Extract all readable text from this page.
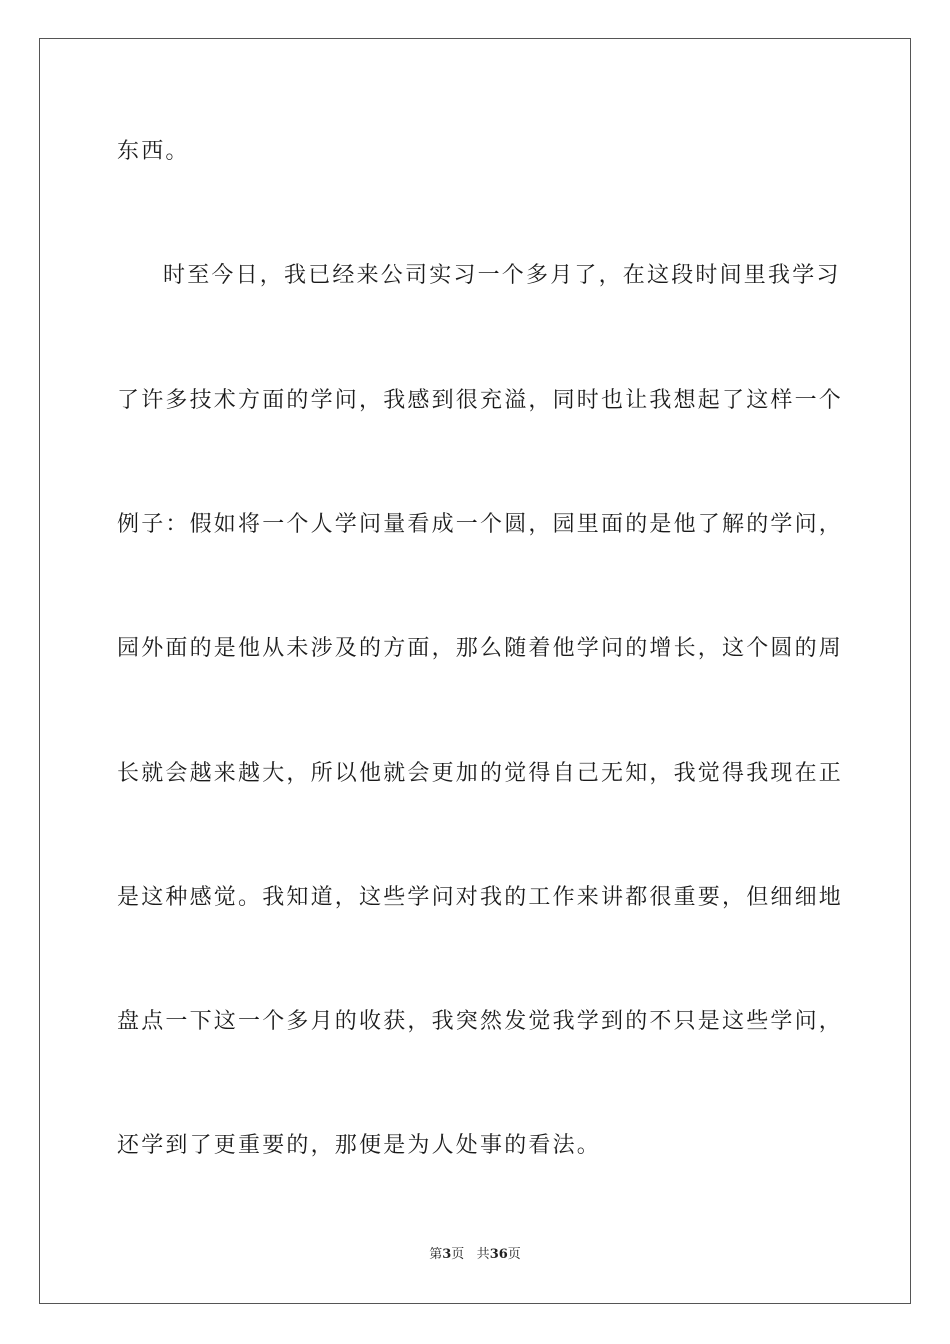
东西。
时至今日，我已经来公司实习一个多月了，在这段时间里我学习
了许多技术方面的学问，我感到很充溢，同时也让我想起了这样一个
例子：假如将一个人学问量看成一个圆，园里面的是他了解的学问，
园外面的是他从未涉及的方面，那么随着他学问的增长，这个圆的周
长就会越来越大，所以他就会更加的觉得自己无知，我觉得我现在正
是这种感觉。我知道，这些学问对我的工作来讲都很重要，但细细地
盘点一下这一个多月的收获，我突然发觉我学到的不只是这些学问，
还学到了更重要的，那便是为人处事的看法。
第3页 共36页
